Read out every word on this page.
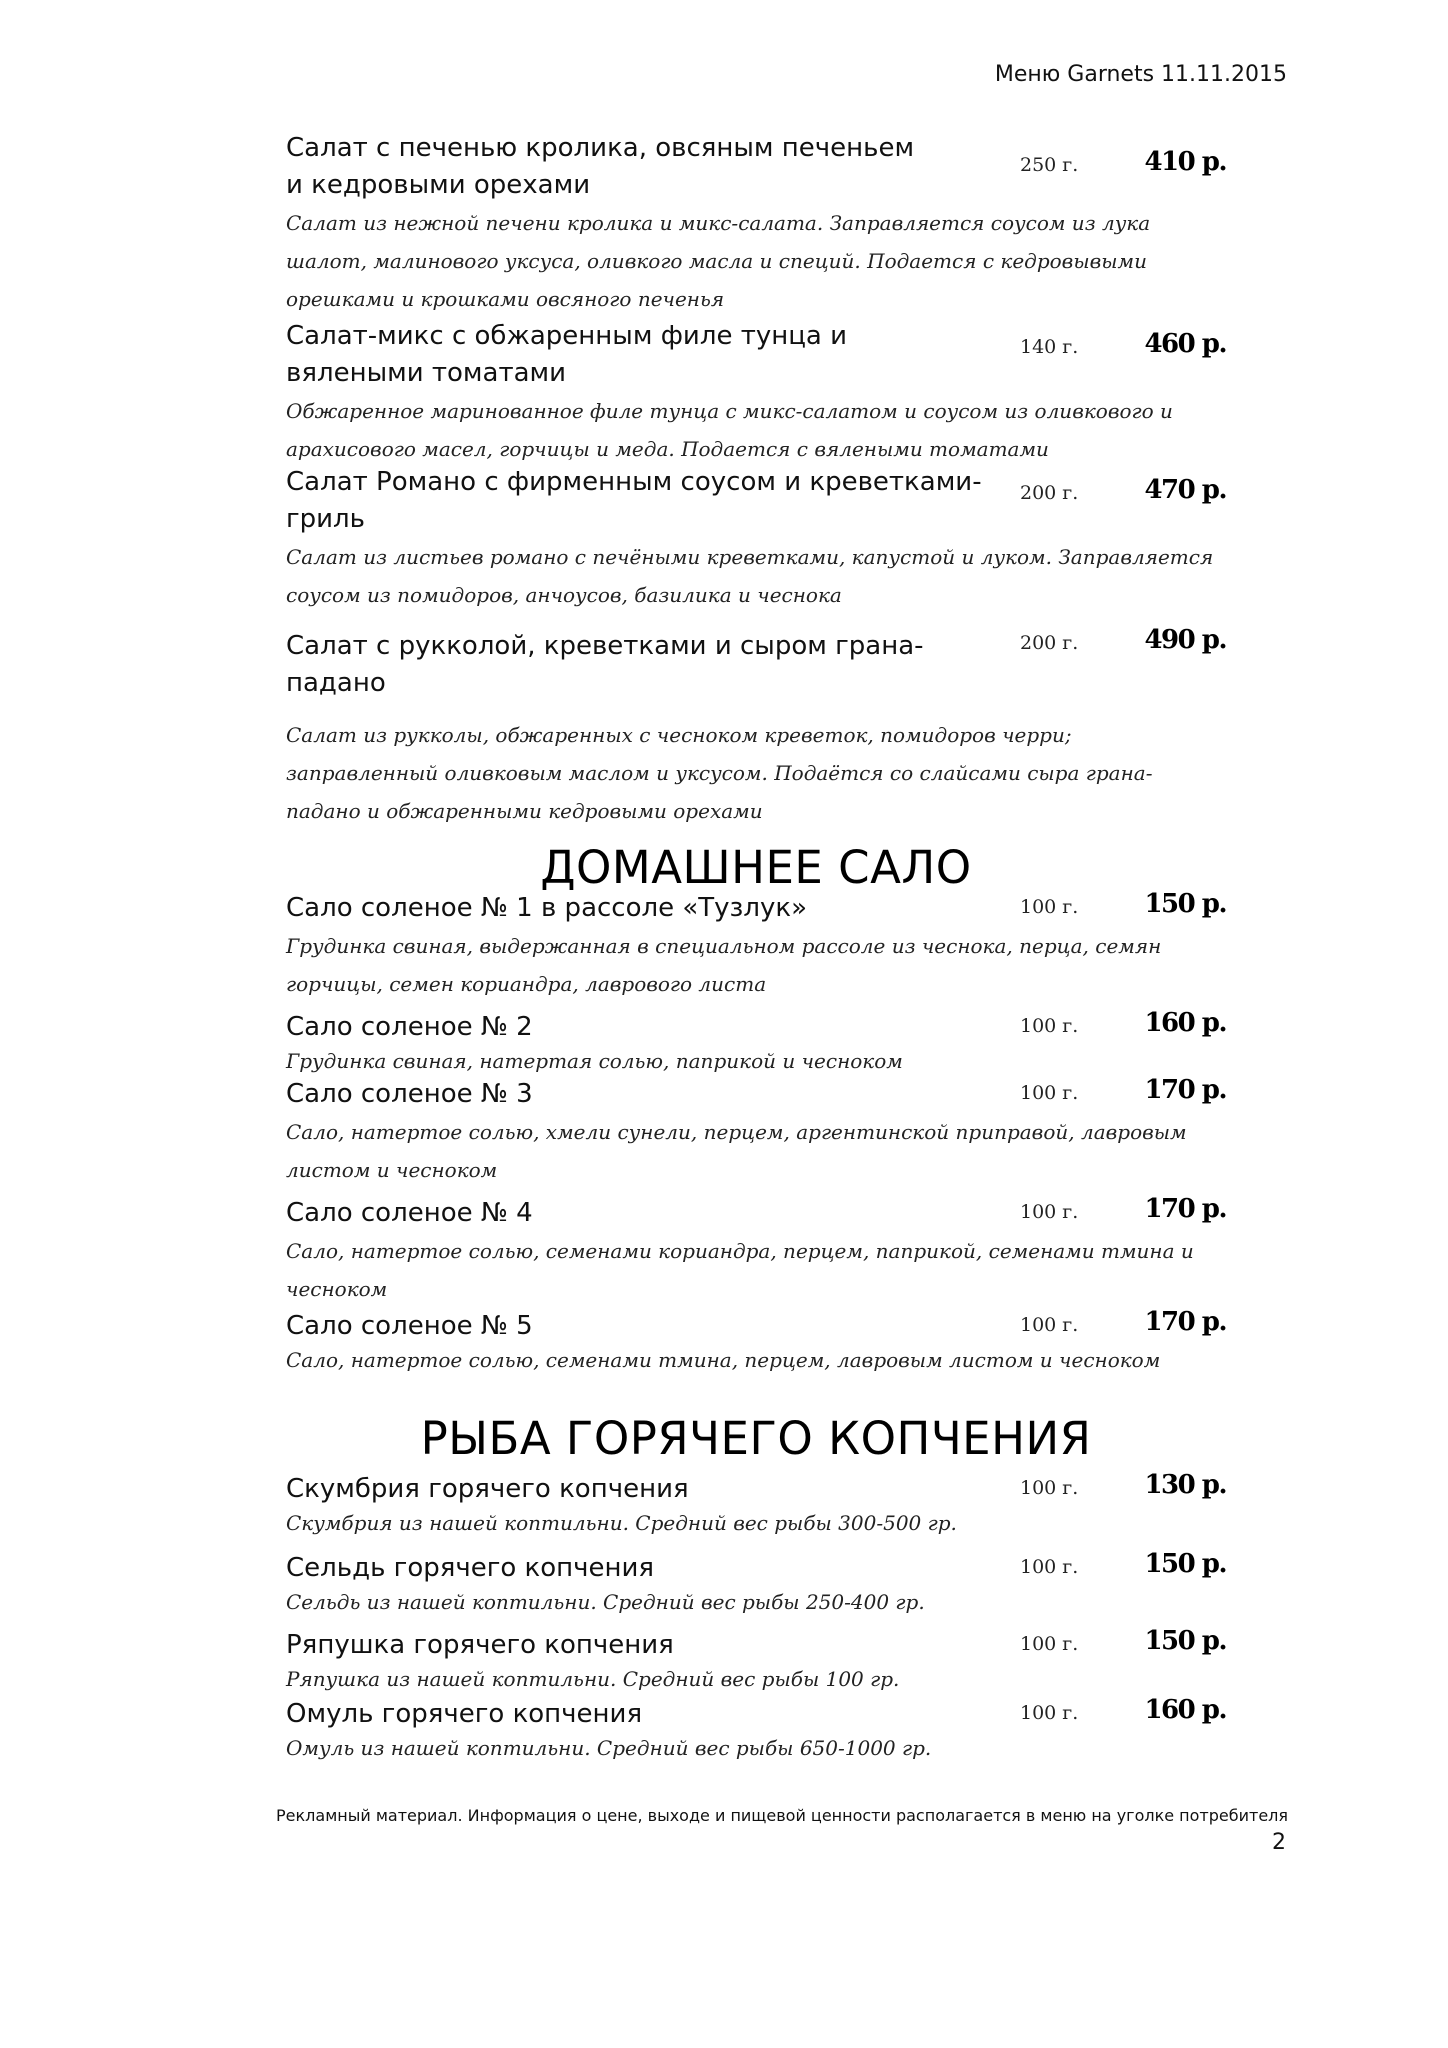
Меню Garnets 11.11.2015
Салат с печенью кролика, овсяным печеньем и кедровыми орехами
250 г.	410 р.
Салат из нежной печени кролика и микс-салата. Заправляется соусом из лука шалот, малинового уксуса, оливкого масла и специй. Подается с кедровывыми орешками и крошками овсяного печенья
Салат-микс с обжаренным филе тунца и вялеными томатами
140 г.	460 р.
Обжаренное маринованное филе тунца с микс-салатом и соусом из оливкового и арахисового масел, горчицы и меда. Подается с вялеными томатами
Салат Романо с фирменным соусом и креветками-гриль
200 г.	470 р.
Салат из листьев романо с печёными креветками, капустой и луком. Заправляется соусом из помидоров, анчоусов, базилика и чеснока
Салат с рукколой, креветками и сыром грана-падано
200 г.	490 р.
Салат из рукколы, обжаренных с чесноком креветок, помидоров черри; заправленный оливковым маслом и уксусом. Подаётся со слайсами сыра грана- падано и обжаренными кедровыми орехами
ДОМАШНЕЕ САЛО
Сало соленое № 1 в рассоле «Тузлук»	100 г.	150 р.
Грудинка свиная, выдержанная в специальном рассоле из чеснока, перца, семян горчицы, семен кориандра, лаврового листа
Сало соленое № 2	100 г.	160 р.
Грудинка свиная, натертая солью, паприкой и чесноком
Сало соленое № 3	100 г.	170 р.
Сало, натертое солью, хмели сунели, перцем, аргентинской приправой, лавровым листом и чесноком
Сало соленое № 4	100 г.	170 р.
Сало, натертое солью, семенами кориандра, перцем, паприкой, семенами тмина и чесноком
Сало соленое № 5	100 г.	170 р.
Сало, натертое солью, семенами тмина, перцем, лавровым листом и чесноком
РЫБА ГОРЯЧЕГО КОПЧЕНИЯ
Скумбрия горячего копчения	100 г.	130 р.
Скумбрия из нашей коптильни. Средний вес рыбы 300-500 гр.
Сельдь горячего копчения	100 г.	150 р.
Сельдь из нашей коптильни. Средний вес рыбы 250-400 гр.
Ряпушка горячего копчения	100 г.	150 р.
Ряпушка из нашей коптильни. Средний вес рыбы 100 гр.
Омуль горячего копчения	100 г.	160 р.
Омуль из нашей коптильни. Средний вес рыбы 650-1000 гр.
Рекламный материал. Информация о цене, выходе и пищевой ценности располагается в меню на уголке потребителя
2
